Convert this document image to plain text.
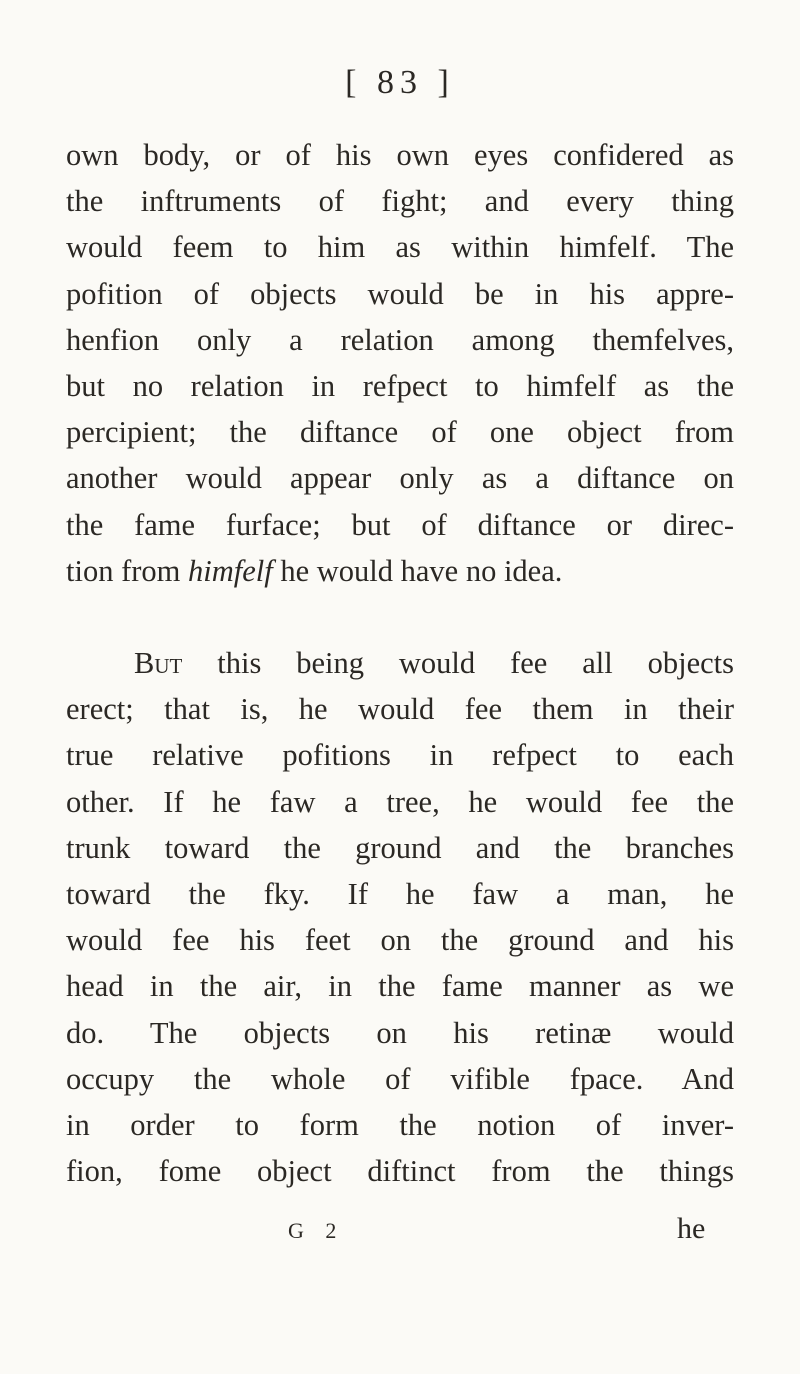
[ 83 ]
own body, or of his own eyes confidered as
the inftruments of fight; and every thing
would feem to him as within himfelf. The
pofition of objects would be in his appre-
henfion only a relation among themfelves,
but no relation in refpect to himfelf as the
percipient; the diftance of one object from
another would appear only as a diftance on
the fame furface; but of diftance or direc-
tion from himfelf he would have no idea.
But this being would fee all objects
erect; that is, he would fee them in their
true relative pofitions in refpect to each
other. If he faw a tree, he would fee the
trunk toward the ground and the branches
toward the fky. If he faw a man, he
would fee his feet on the ground and his
head in the air, in the fame manner as we
do. The objects on his retinæ would
occupy the whole of vifible fpace. And
in order to form the notion of inver-
fion, fome object diftinct from the things
G 2	he
